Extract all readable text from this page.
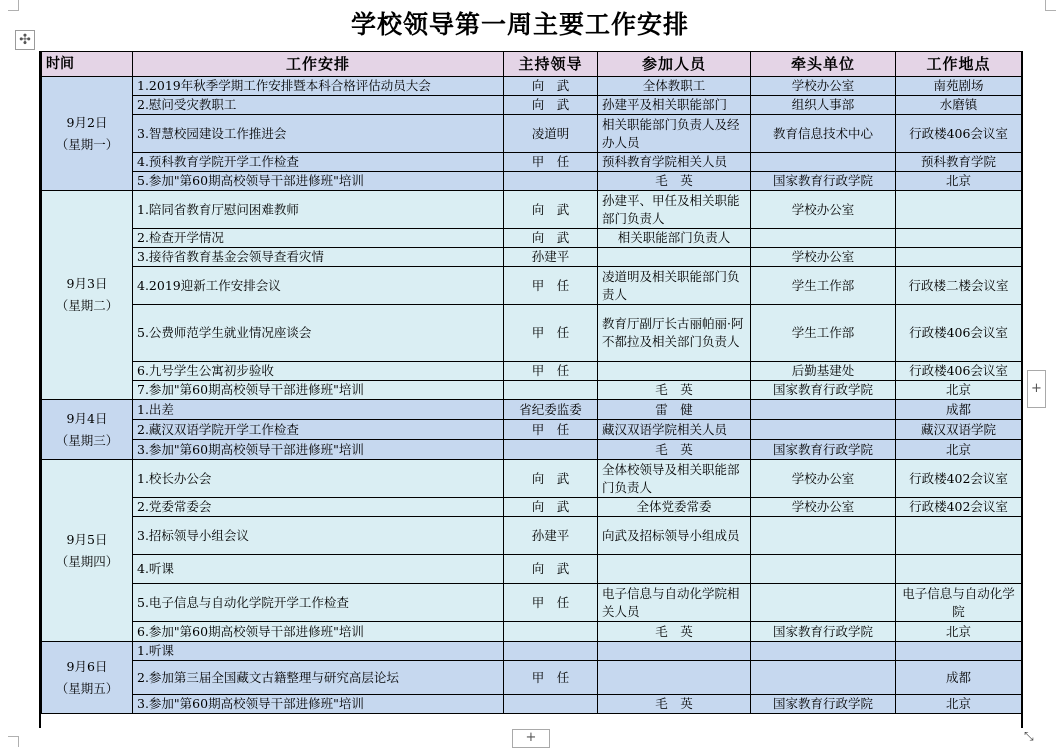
学校领导第一周主要工作安排
✣
时间	工作安排	主持领导	参加人员	牵头单位	工作地点

9月2日
（星期一）	1.2019年秋季学期工作安排暨本科合格评估动员大会	向　武	全体教职工	学校办公室	南苑剧场
	2.慰问受灾教职工	向　武	孙建平及相关职能部门	组织人事部	水磨镇
	3.智慧校园建设工作推进会	凌道明	相关职能部门负责人及经办人员	教育信息技术中心	行政楼406会议室
	4.预科教育学院开学工作检查	甲　任	预科教育学院相关人员		预科教育学院
	5.参加"第60期高校领导干部进修班"培训		毛　英	国家教育行政学院	北京

9月3日
（星期二）	1.陪同省教育厅慰问困难教师	向　武	孙建平、甲任及相关职能部门负责人	学校办公室	
	2.检查开学情况	向　武	相关职能部门负责人		
	3.接待省教育基金会领导查看灾情	孙建平		学校办公室	
	4.2019迎新工作安排会议	甲　任	凌道明及相关职能部门负责人	学生工作部	行政楼二楼会议室
	5.公费师范学生就业情况座谈会	甲　任	教育厅副厅长古丽帕丽·阿不都拉及相关部门负责人	学生工作部	行政楼406会议室
	6.九号学生公寓初步验收	甲　任		后勤基建处	行政楼406会议室
	7.参加"第60期高校领导干部进修班"培训		毛　英	国家教育行政学院	北京

9月4日
（星期三）	1.出差	省纪委监委	雷　健		成都
	2.藏汉双语学院开学工作检查	甲　任	藏汉双语学院相关人员		藏汉双语学院
	3.参加"第60期高校领导干部进修班"培训		毛　英	国家教育行政学院	北京

9月5日
（星期四）	1.校长办公会	向　武	全体校领导及相关职能部门负责人	学校办公室	行政楼402会议室
	2.党委常委会	向　武	全体党委常委	学校办公室	行政楼402会议室
	3.招标领导小组会议	孙建平	向武及招标领导小组成员		
	4.听课	向　武			
	5.电子信息与自动化学院开学工作检查	甲　任	电子信息与自动化学院相关人员		电子信息与自动化学院
	6.参加"第60期高校领导干部进修班"培训		毛　英	国家教育行政学院	北京

9月6日
（星期五）	1.听课				
	2.参加第三届全国藏文古籍整理与研究高层论坛	甲　任			成都
	3.参加"第60期高校领导干部进修班"培训		毛　英	国家教育行政学院	北京
+
+	⤡
